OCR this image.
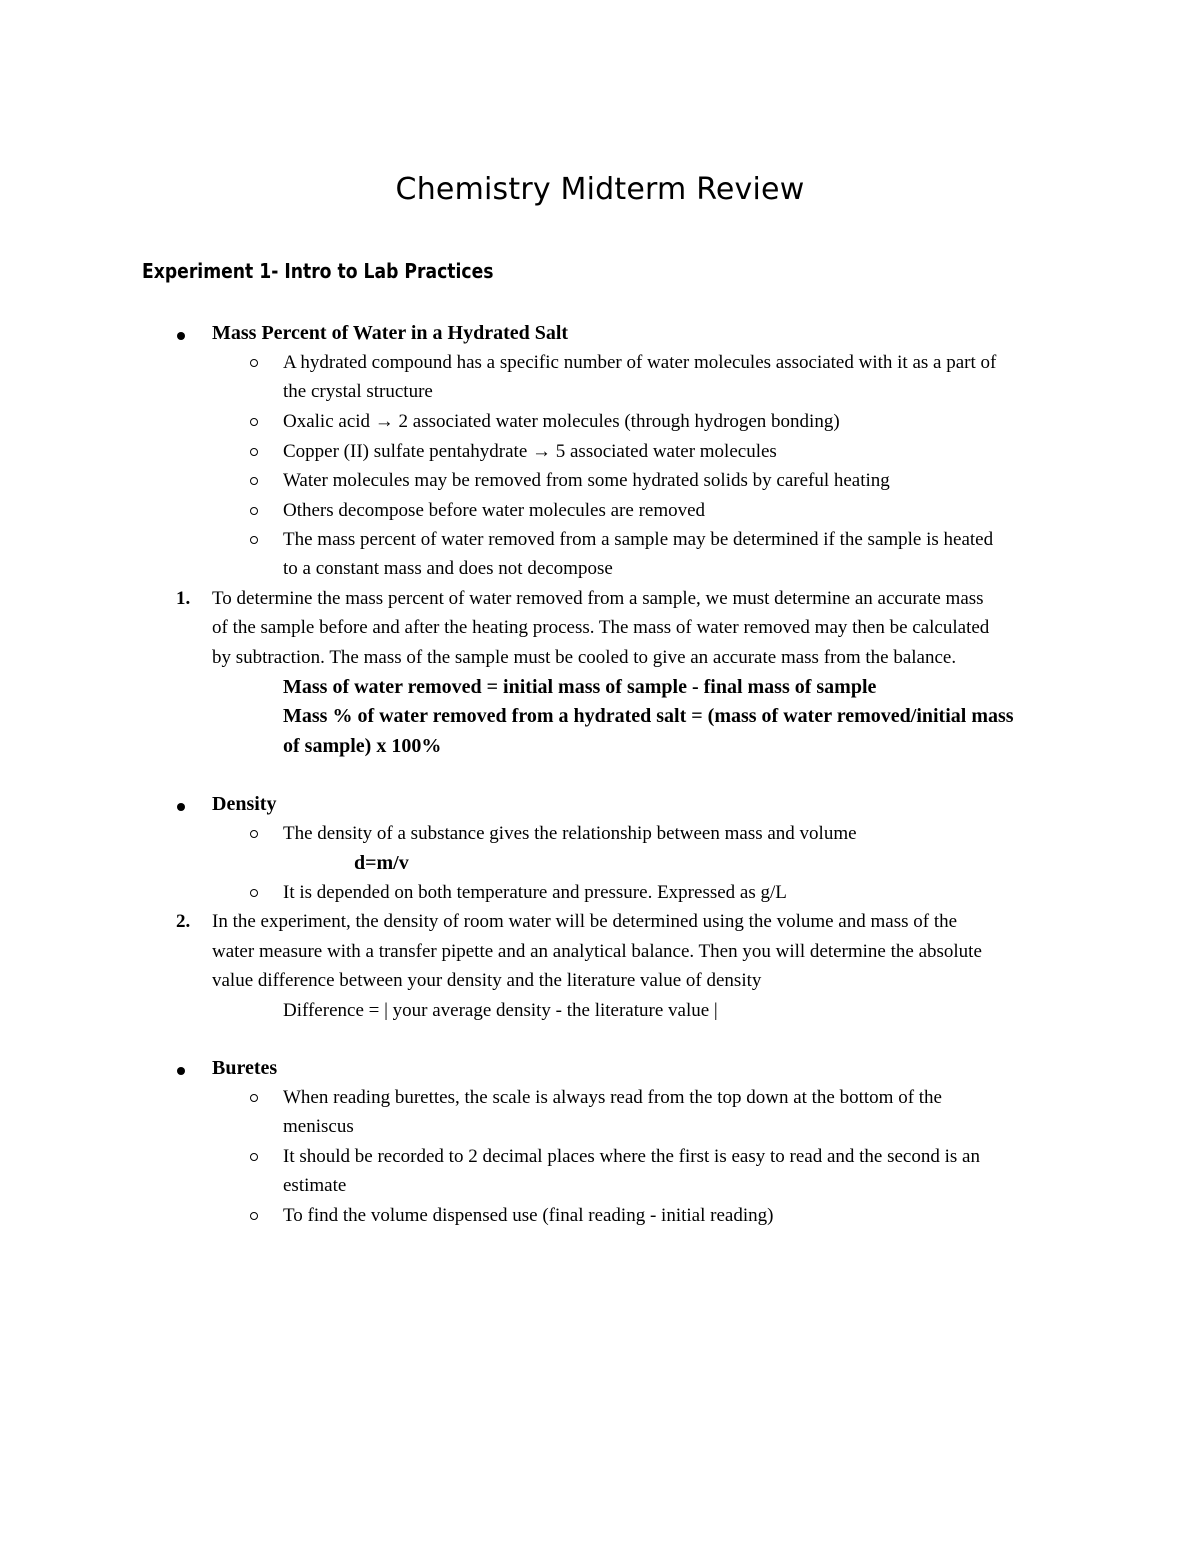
Chemistry Midterm Review
Experiment 1- Intro to Lab Practices
Mass Percent of Water in a Hydrated Salt
A hydrated compound has a specific number of water molecules associated with it as a part of
the crystal structure
Oxalic acid → 2 associated water molecules (through hydrogen bonding)
Copper (II) sulfate pentahydrate → 5 associated water molecules
Water molecules may be removed from some hydrated solids by careful heating
Others decompose before water molecules are removed
The mass percent of water removed from a sample may be determined if the sample is heated
to a constant mass and does not decompose
1. To determine the mass percent of water removed from a sample, we must determine an accurate mass
of the sample before and after the heating process. The mass of water removed may then be calculated
by subtraction. The mass of the sample must be cooled to give an accurate mass from the balance.
Mass of water removed = initial mass of sample - final mass of sample
Mass % of water removed from a hydrated salt = (mass of water removed/initial mass
of sample) x 100%
Density
The density of a substance gives the relationship between mass and volume
d=m/v
It is depended on both temperature and pressure. Expressed as g/L
2. In the experiment, the density of room water will be determined using the volume and mass of the
water measure with a transfer pipette and an analytical balance. Then you will determine the absolute
value difference between your density and the literature value of density
Difference = | your average density - the literature value |
Buretes
When reading burettes, the scale is always read from the top down at the bottom of the
meniscus
It should be recorded to 2 decimal places where the first is easy to read and the second is an
estimate
To find the volume dispensed use (final reading - initial reading)
